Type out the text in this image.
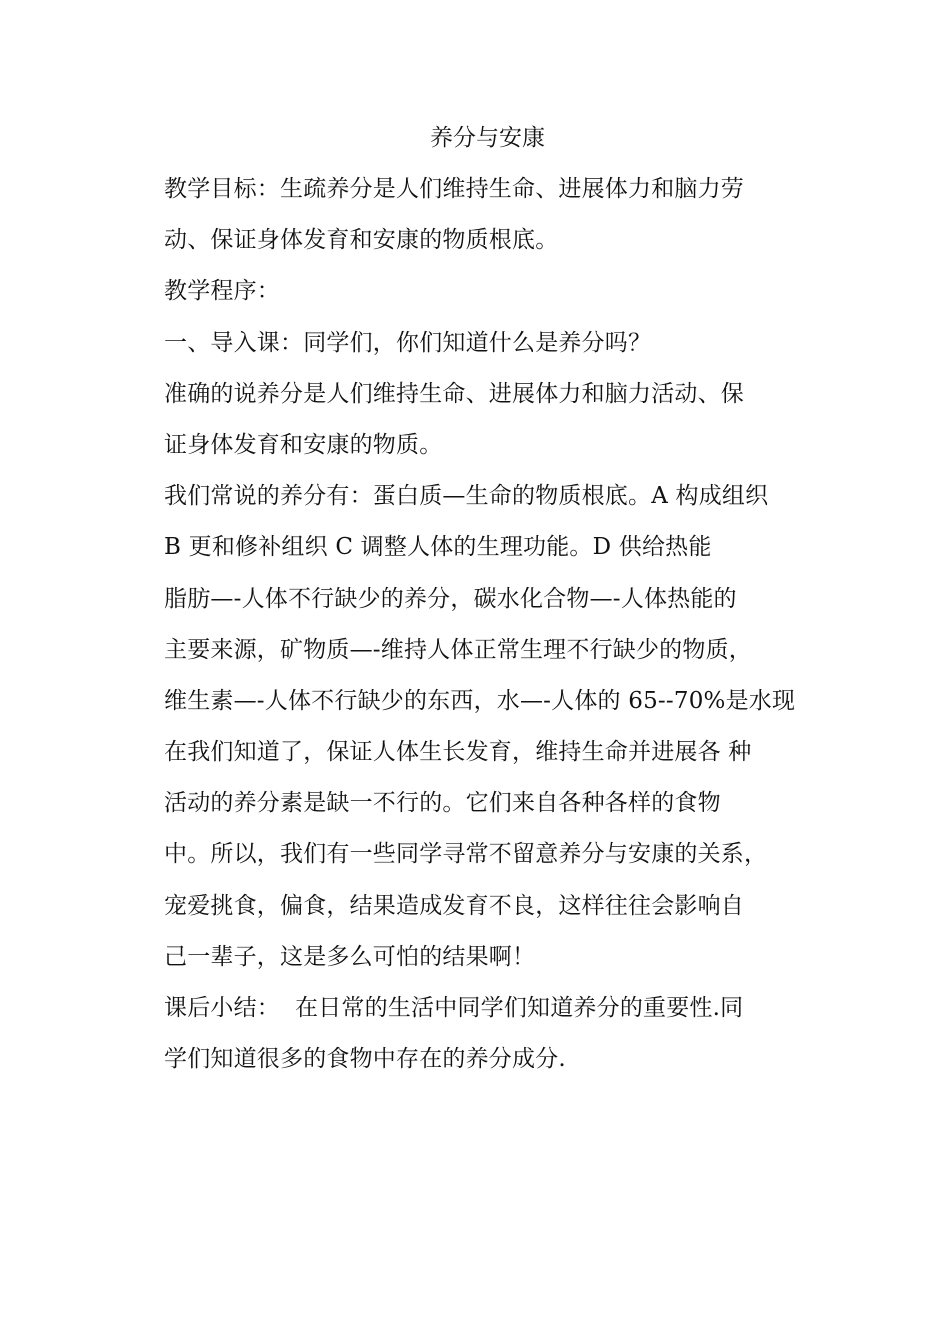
养分与安康
教学目标：生疏养分是人们维持生命、进展体力和脑力劳
动、保证身体发育和安康的物质根底。
教学程序：
一、导入课：同学们，你们知道什么是养分吗？
准确的说养分是人们维持生命、进展体力和脑力活动、保
证身体发育和安康的物质。
我们常说的养分有：蛋白质—生命的物质根底。A 构成组织
B 更和修补组织 C 调整人体的生理功能。D 供给热能
脂肪—-人体不行缺少的养分，碳水化合物—-人体热能的
主要来源，矿物质—-维持人体正常生理不行缺少的物质，
维生素—-人体不行缺少的东西，水—-人体的 65--70%是水现
在我们知道了，保证人体生长发育，维持生命并进展各 种
活动的养分素是缺一不行的。它们来自各种各样的食物
中。所以，我们有一些同学寻常不留意养分与安康的关系，
宠爱挑食，偏食，结果造成发育不良，这样往往会影响自
己一辈子，这是多么可怕的结果啊！
课后小结：  在日常的生活中同学们知道养分的重要性.同
学们知道很多的食物中存在的养分成分.
